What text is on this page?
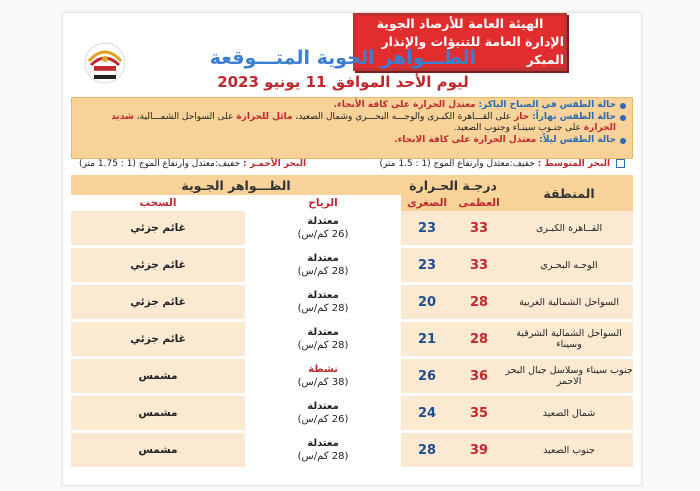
الهيئة العامة للأرصاد الجوية
الإدارة العامة للتنبؤات والإنذار المبكر
الظـــواهر الجوية المتـــوقعة
ليوم الأحد الموافق 11 يونيو 2023
حالة الطقس في الصباح الباكر: معتدل الحرارة على كافة الأنحاء.
حالة الطقس نهاراً: حار على القـــاهرة الكبـرى والوجـــه البحـــري وشمال الصعيد، مائل للحرارة على السواحل الشمـــالية، شديد الحرارة على جنـوب سينـاء وجنوب الصعيد.
حالة الطقس ليلاً: معتدل الحرارة على كافة الانحاء.
البحر المتوسط : خفيف:معتدل وارتفاع الموج (1 : 1.5 متر)
البحر الأحمـر : خفيف:معتدل وارتفاع الموج (1 : 1.75 متر)
المنطقة	درجـة الحـرارة		الظـــواهر الجـوية	
	العظمى	الصغرى	الرياح	السحب
القــاهرة الكبـرى	33	23	معتدلة
(26 كم/س)	غائم جزئي
الوجـه البحـري	33	23	معتدلة
(28 كم/س)	غائم جزئي
السواحل الشمالية الغربية	28	20	معتدلة
(28 كم/س)	غائم جزئي
السواحل الشمالية الشرقية وسيناء	28	21	معتدلة
(28 كم/س)	غائم جزئي
جنوب سيناء وسلاسل جبال البحر الاحمر	36	26	نشطة
(38 كم/س)	مشمس
شمال الصعيد	35	24	معتدلة
(26 كم/س)	مشمس
جنوب الصعيد	39	28	معتدلة
(28 كم/س)	مشمس
